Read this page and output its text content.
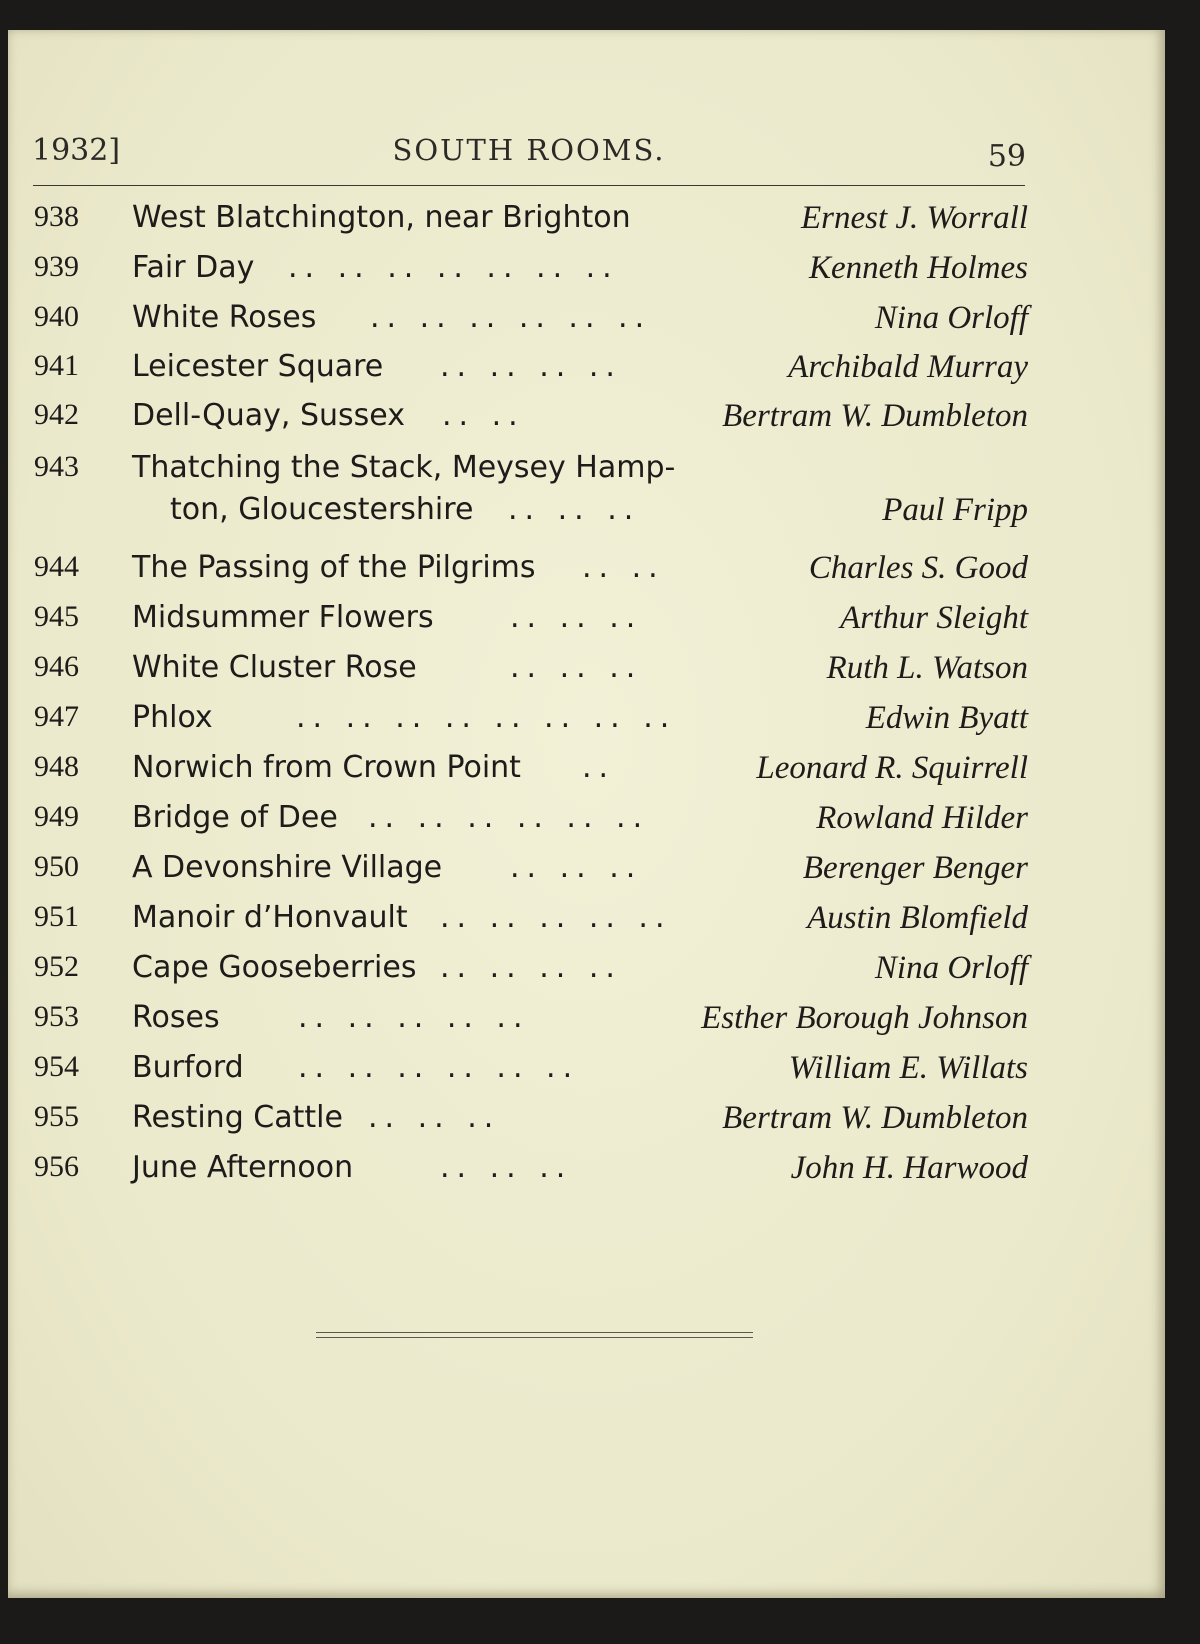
1932]	SOUTH ROOMS.	59
938 West Blatchington, near Brighton	Ernest J. Worrall
939 Fair Day .. .. .. .. .. .. ..	Kenneth Holmes
940 White Roses .. .. .. .. .. ..	Nina Orloff
941 Leicester Square .. .. .. ..	Archibald Murray
942 Dell-Quay, Sussex .. ..	Bertram W. Dumbleton
943 Thatching the Stack, Meysey Hamp-
ton, Gloucestershire .. .. ..	Paul Fripp
944 The Passing of the Pilgrims .. ..	Charles S. Good
945 Midsummer Flowers	.. .. ..	Arthur Sleight
946 White Cluster Rose	.. .. ..	Ruth L. Watson
947 Phlox	.. .. .. .. .. .. .. ..	Edwin Byatt
948 Norwich from Crown Point ..	Leonard R. Squirrell
949 Bridge of Dee .. .. .. .. .. ..	Rowland Hilder
950 A Devonshire Village .. .. ..	Berenger Benger
951 Manoir d’Honvault .. .. .. .. ..	Austin Blomfield
952 Cape Gooseberries .. .. .. ..	Nina Orloff
953 Roses	.. .. .. .. ..	Esther Borough Johnson
954 Burford .. .. .. .. .. ..	William E. Willats
955 Resting Cattle .. .. ..	Bertram W. Dumbleton
956 June Afternoon	.. .. ..	John H. Harwood
